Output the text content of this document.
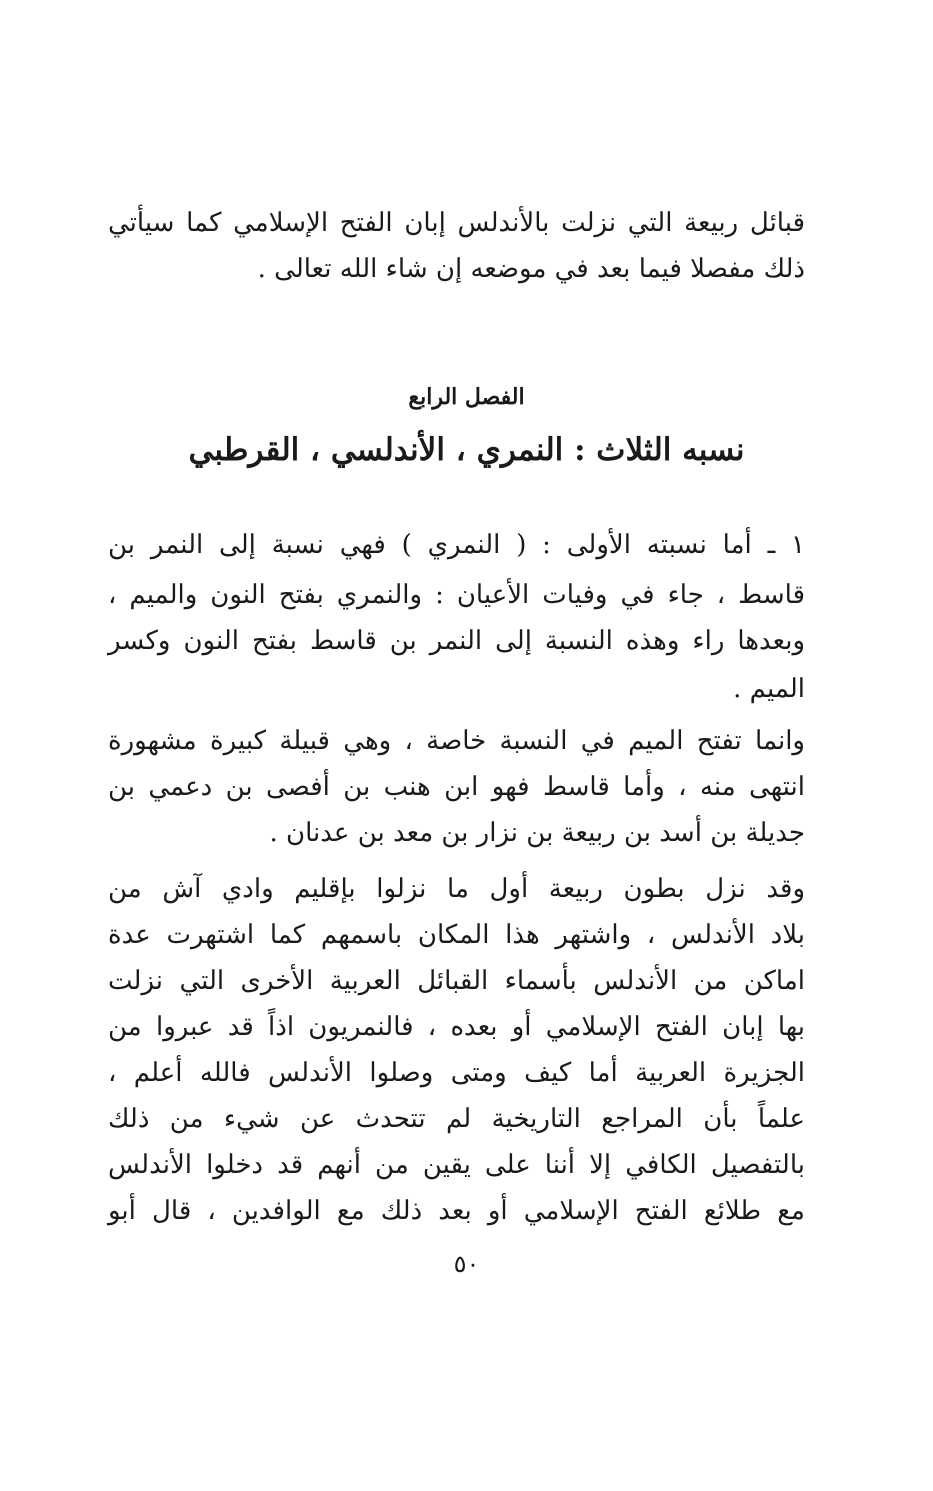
قبائل ربيعة التي نزلت بالأندلس إبان الفتح الإسلامي كما سيأتي
ذلك مفصلا فيما بعد في موضعه إن شاء الله تعالى .
الفصل الرابع
نسبه الثلاث : النمري ، الأندلسي ، القرطبي
١ ـ أما نسبته الأولى : ( النمري ) فهي نسبة إلى النمر بن
قاسط ، جاء في وفيات الأعيان : والنمري بفتح النون والميم ،
وبعدها راء وهذه النسبة إلى النمر بن قاسط بفتح النون وكسر
الميم .
وانما تفتح الميم في النسبة خاصة ، وهي قبيلة كبيرة مشهورة
انتهى منه ، وأما قاسط فهو ابن هنب بن أفصى بن دعمي بن
جديلة بن أسد بن ربيعة بن نزار بن معد بن عدنان .
وقد نزل بطون ربيعة أول ما نزلوا بإقليم وادي آش من
بلاد الأندلس ، واشتهر هذا المكان باسمهم كما اشتهرت عدة
اماكن من الأندلس بأسماء القبائل العربية الأخرى التي نزلت
بها إبان الفتح الإسلامي أو بعده ، فالنمريون اذاً قد عبروا من
الجزيرة العربية أما كيف ومتى وصلوا الأندلس فالله أعلم ،
علماً بأن المراجع التاريخية لم تتحدث عن شيء من ذلك
بالتفصيل الكافي إلا أننا على يقين من أنهم قد دخلوا الأندلس
مع طلائع الفتح الإسلامي أو بعد ذلك مع الوافدين ، قال أبو
٥٠
